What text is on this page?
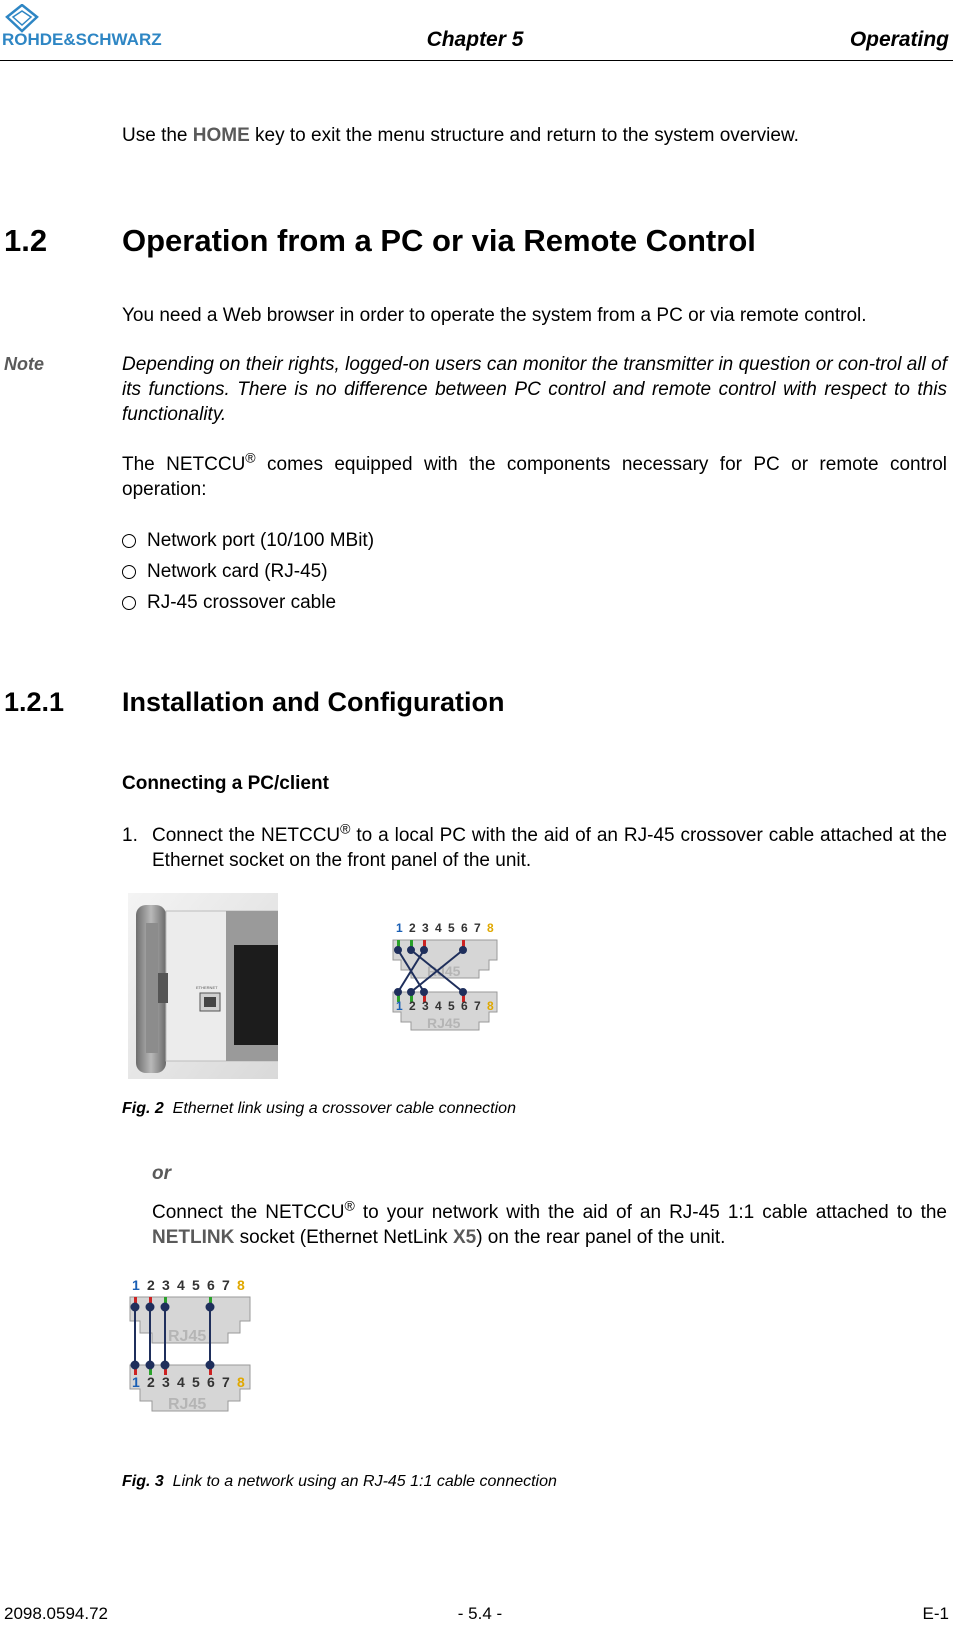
ROHDE&SCHWARZ	Chapter 5	Operating
Use the HOME key to exit the menu structure and return to the system overview.
1.2 Operation from a PC or via Remote Control
You need a Web browser in order to operate the system from a PC or via remote control.
Note	Depending on their rights, logged-on users can monitor the transmitter in question or con-trol all of its functions. There is no difference between PC control and remote control with respect to this functionality.
The NETCCU® comes equipped with the components necessary for PC or remote control operation:
Network port (10/100 MBit)
Network card (RJ-45)
RJ-45 crossover cable
1.2.1 Installation and Configuration
Connecting a PC/client
1. Connect the NETCCU® to a local PC with the aid of an RJ-45 crossover cable attached at the Ethernet socket on the front panel of the unit.
ETHERNET
1 2 3 4 5 6 7 8
RJ45
1 2 3 4 5 6 7 8
RJ45
Fig. 2 Ethernet link using a crossover cable connection
or
Connect the NETCCU® to your network with the aid of an RJ-45 1:1 cable attached to the NETLINK socket (Ethernet NetLink X5) on the rear panel of the unit.
1 2 3 4 5 6 7 8
RJ45
1 2 3 4 5 6 7 8
RJ45
Fig. 3 Link to a network using an RJ-45 1:1 cable connection
2098.0594.72	- 5.4 -	E-1
